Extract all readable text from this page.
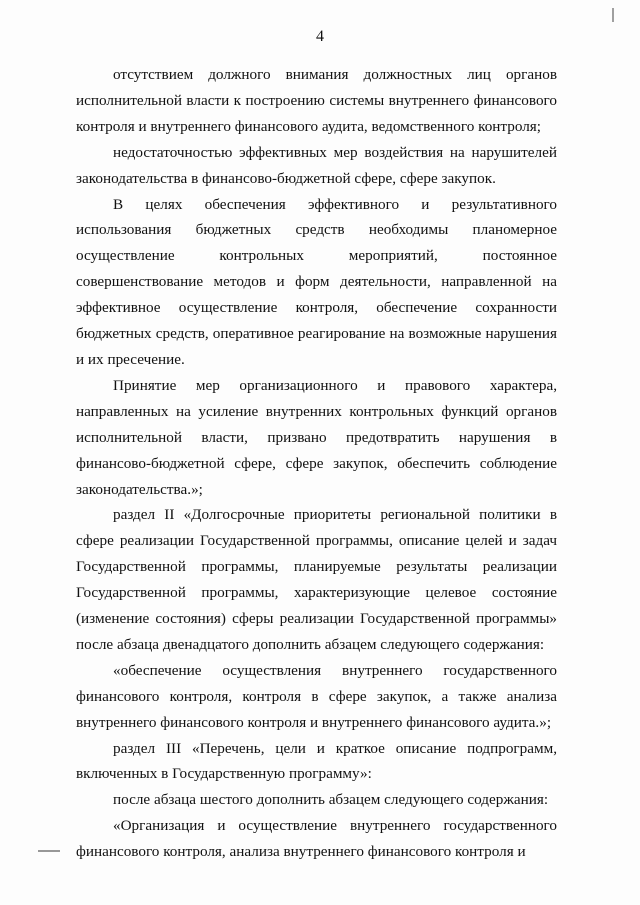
4

отсутствием должного внимания должностных лиц органов исполнительной власти к построению системы внутреннего финансового контроля и внутреннего финансового аудита, ведомственного контроля;

недостаточностью эффективных мер воздействия на нарушителей законодательства в финансово-бюджетной сфере, сфере закупок.

В целях обеспечения эффективного и результативного использования бюджетных средств необходимы планомерное осуществление контрольных мероприятий, постоянное совершенствование методов и форм деятельности, направленной на эффективное осуществление контроля, обеспечение сохранности бюджетных средств, оперативное реагирование на возможные нарушения и их пресечение.

Принятие мер организационного и правового характера, направленных на усиление внутренних контрольных функций органов исполнительной власти, призвано предотвратить нарушения в финансово-бюджетной сфере, сфере закупок, обеспечить соблюдение законодательства.»;

раздел II «Долгосрочные приоритеты региональной политики в сфере реализации Государственной программы, описание целей и задач Государственной программы, планируемые результаты реализации Государственной программы, характеризующие целевое состояние (изменение состояния) сферы реализации Государственной программы» после абзаца двенадцатого дополнить абзацем следующего содержания:

«обеспечение осуществления внутреннего государственного финансового контроля, контроля в сфере закупок, а также анализа внутреннего финансового контроля и внутреннего финансового аудита.»;

раздел III «Перечень, цели и краткое описание подпрограмм, включенных в Государственную программу»:

после абзаца шестого дополнить абзацем следующего содержания:

«Организация и осуществление внутреннего государственного финансового контроля, анализа внутреннего финансового контроля и
